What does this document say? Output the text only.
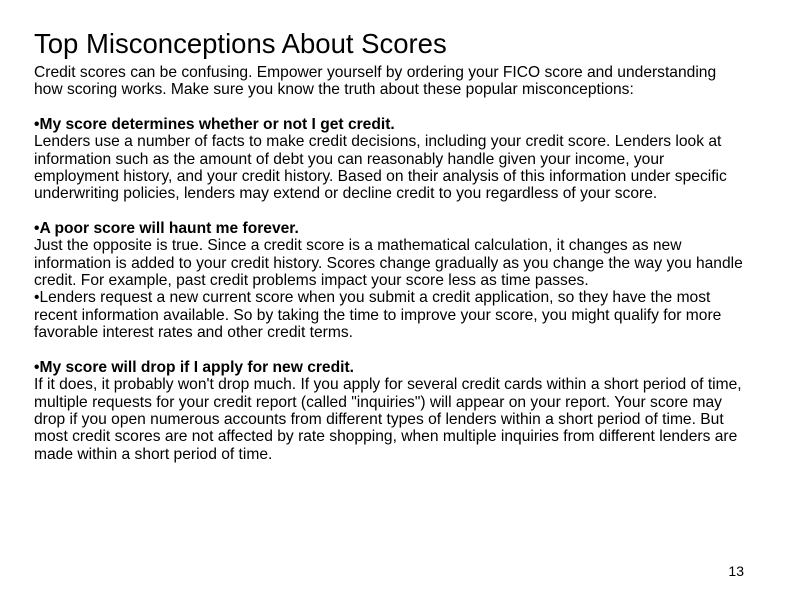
Top Misconceptions About Scores

Credit scores can be confusing. Empower yourself by ordering your FICO score and understanding how scoring works. Make sure you know the truth about these popular misconceptions:

•My score determines whether or not I get credit.

Lenders use a number of facts to make credit decisions, including your credit score. Lenders look at information such as the amount of debt you can reasonably handle given your income, your employment history, and your credit history. Based on their analysis of this information under specific underwriting policies, lenders may extend or decline credit to you regardless of your score.

•A poor score will haunt me forever.

Just the opposite is true. Since a credit score is a mathematical calculation, it changes as new information is added to your credit history. Scores change gradually as you change the way you handle credit. For example, past credit problems impact your score less as time passes.

•Lenders request a new current score when you submit a credit application, so they have the most recent information available. So by taking the time to improve your score, you might qualify for more favorable interest rates and other credit terms.

•My score will drop if I apply for new credit.

If it does, it probably won't drop much. If you apply for several credit cards within a short period of time, multiple requests for your credit report (called "inquiries") will appear on your report. Your score may drop if you open numerous accounts from different types of lenders within a short period of time. But most credit scores are not affected by rate shopping, when multiple inquiries from different lenders are made within a short period of time.

13
